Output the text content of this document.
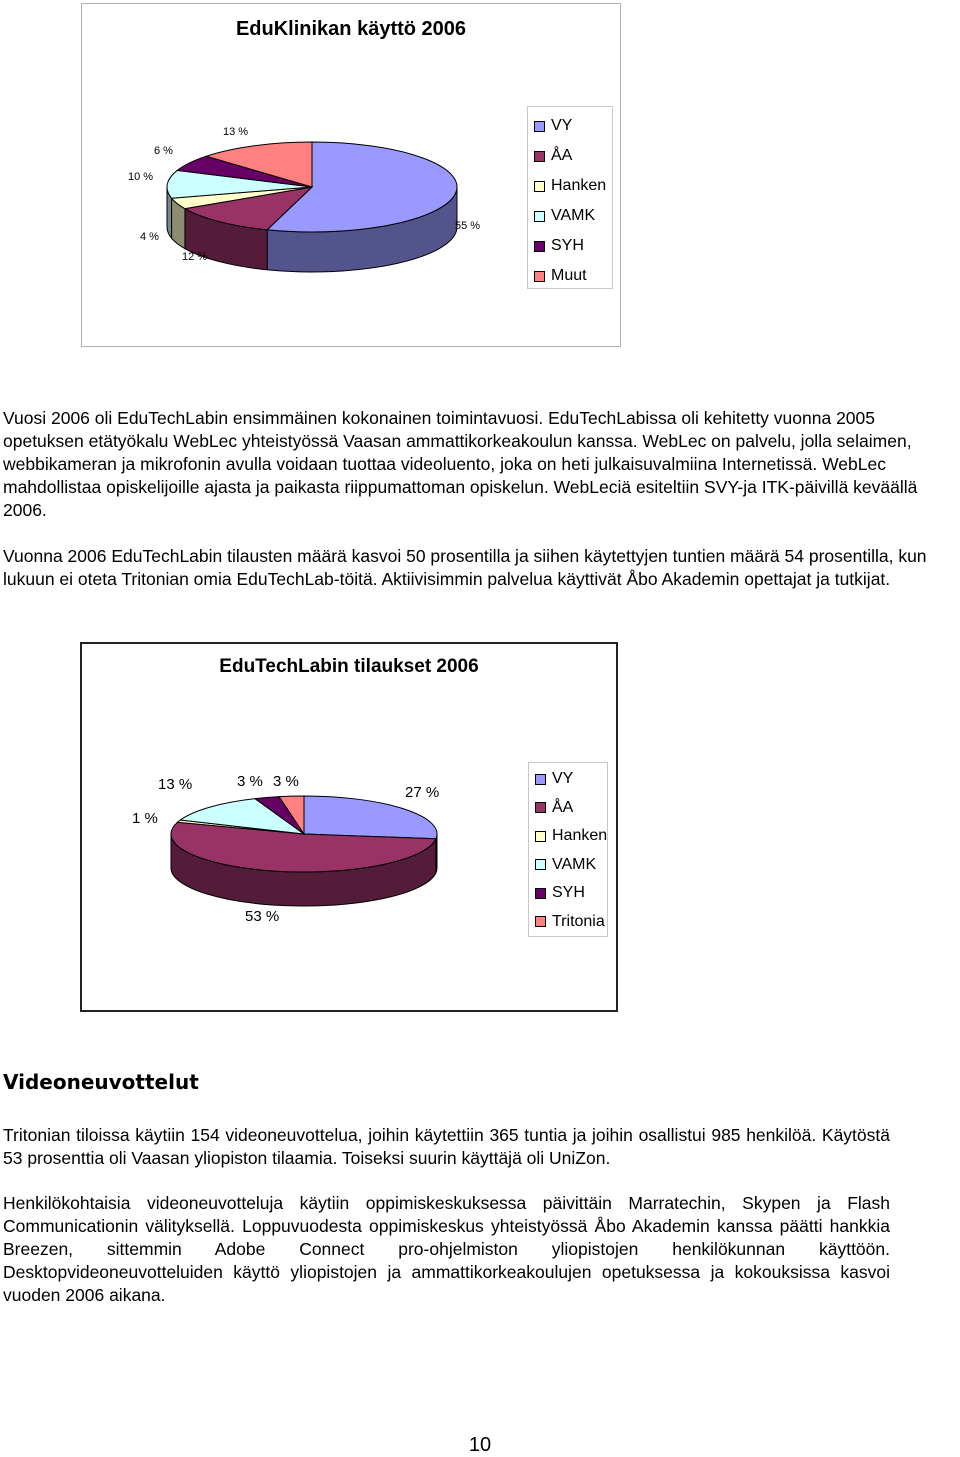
EduKlinikan käyttö 2006
VY
ÅA
Hanken
VAMK
SYH
Muut
55 %
12 %
4 %
10 %
6 %
13 %

Vuosi 2006 oli EduTechLabin ensimmäinen kokonainen toimintavuosi. EduTechLabissa oli kehitetty vuonna 2005 opetuksen etätyökalu WebLec yhteistyössä Vaasan ammattikorkeakoulun kanssa. WebLec on palvelu, jolla selaimen, webbikameran ja mikrofonin avulla voidaan tuottaa videoluento, joka on heti julkaisuvalmiina Internetissä. WebLec mahdollistaa opiskelijoille ajasta ja paikasta riippumattoman opiskelun. WebLeciä esiteltiin SVY-ja ITK-päivillä keväällä 2006.

Vuonna 2006 EduTechLabin tilausten määrä kasvoi 50 prosentilla ja siihen käytettyjen tuntien määrä 54 prosentilla, kun lukuun ei oteta Tritonian omia EduTechLab-töitä. Aktiivisimmin palvelua käyttivät Åbo Akademin opettajat ja tutkijat.

EduTechLabin tilaukset 2006
VY
ÅA
Hanken
VAMK
SYH
Tritonia
27 %
53 %
1 %
13 %	3 % 3 %
Videoneuvottelut

Tritonian tiloissa käytiin 154 videoneuvottelua, joihin käytettiin 365 tuntia ja joihin osallistui 985 henkilöä. Käytöstä 53 prosenttia oli Vaasan yliopiston tilaamia. Toiseksi suurin käyttäjä oli UniZon.

Henkilökohtaisia videoneuvotteluja käytiin oppimiskeskuksessa päivittäin Marratechin, Skypen ja Flash Communicationin välityksellä. Loppuvuodesta oppimiskeskus yhteistyössä Åbo Akademin kanssa päätti hankkia Breezen, sittemmin Adobe Connect pro-ohjelmiston yliopistojen henkilökunnan käyttöön. Desktopvideoneuvotteluiden käyttö yliopistojen ja ammattikorkeakoulujen opetuksessa ja kokouksissa kasvoi vuoden 2006 aikana.

10
